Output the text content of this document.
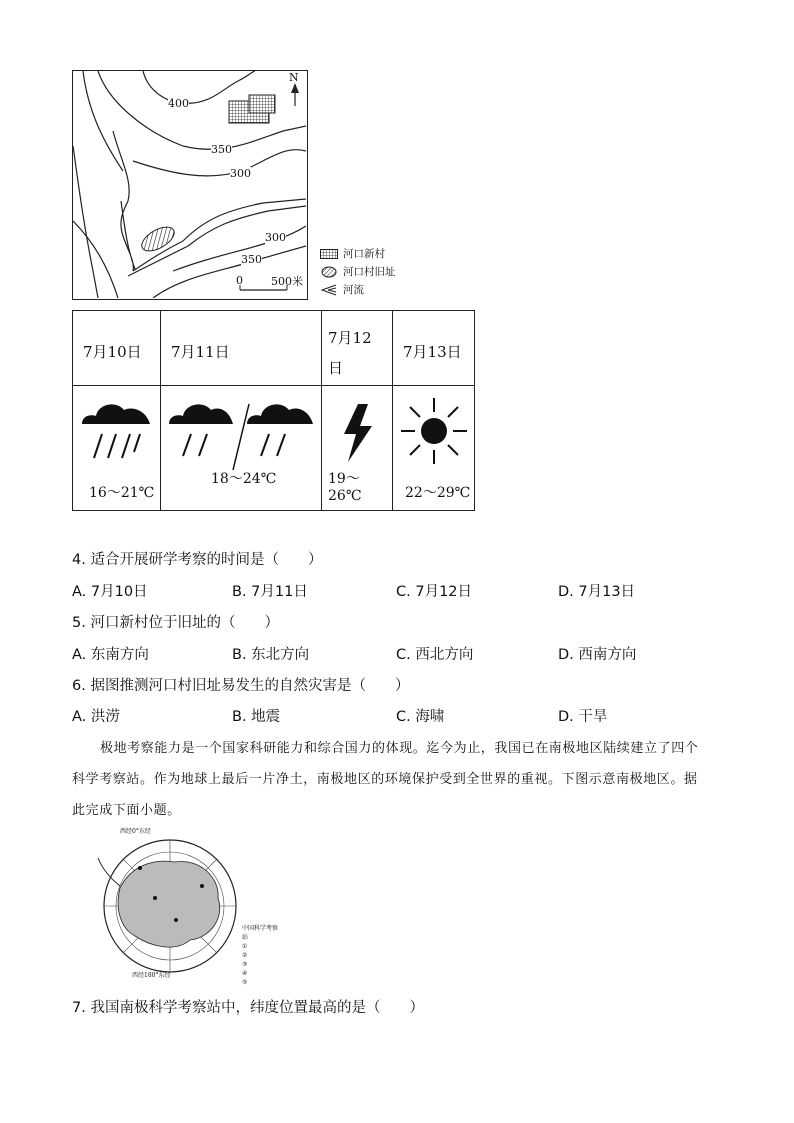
N
400
350
300
300
350
0	500米
河口新村
河口村旧址
河流
7月10日	7月11日	7月12
日	7月13日

16～21℃	18～24℃	19～26℃	22～29℃
4. 适合开展研学考察的时间是（　　）
A. 7月10日	B. 7月11日	C. 7月12日	D. 7月13日
5. 河口新村位于旧址的（　　）
A. 东南方向	B. 东北方向	C. 西北方向	D. 西南方向
6. 据图推测河口村旧址易发生的自然灾害是（　　）
A. 洪涝	B. 地震	C. 海啸	D. 干旱
极地考察能力是一个国家科研能力和综合国力的体现。迄今为止，我国已在南极地区陆续建立了四个
科学考察站。作为地球上最后一片净土，南极地区的环境保护受到全世界的重视。下图示意南极地区。据
此完成下面小题。
西经0°东经
西经180°东经
中国科学考察站
①
②
③
④
⑤
7. 我国南极科学考察站中，纬度位置最高的是（　　）
